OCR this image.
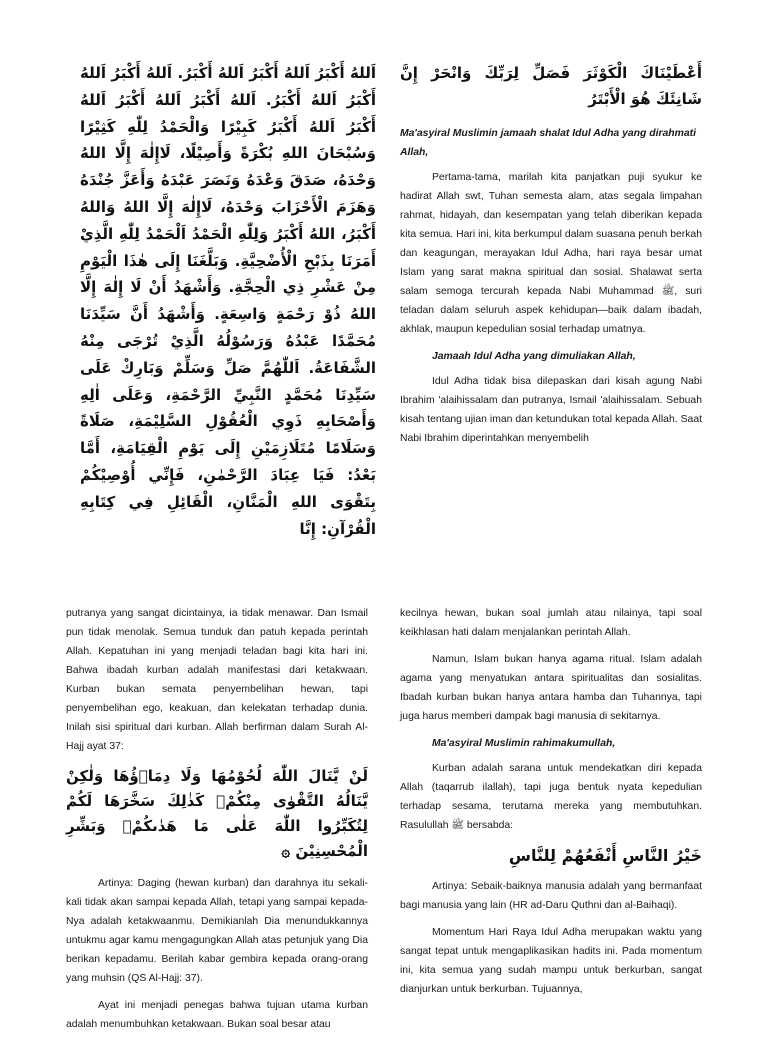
اَللهُ أَكْبَرُ اَللهُ أَكْبَرُ اَللهُ أَكْبَرُ. اَللهُ أَكْبَرُ اَللهُ أَكْبَرُ اَللهُ أَكْبَرُ. اَللهُ أَكْبَرُ اَللهُ أَكْبَرُ اَللهُ أَكْبَرُ اَللهُ أَكْبَرُ كَبِيْرًا وَالْحَمْدُ لِلّٰهِ كَثِيْرًا وَسُبْحَانَ اللهِ بُكْرَةً وَأَصِيْلًا، لَاإِلٰهَ إِلَّا اللهُ وَحْدَهُ، صَدَقَ وَعْدَهُ وَنَصَرَ عَبْدَهُ وَأَعَزَّ جُنْدَهُ وَهَزَمَ الْأَحْزَابَ وَحْدَهُ، لَاإِلٰهَ إِلَّا اللهُ وَاللهُ أَكْبَرُ، اللهُ أَكْبَرُ وَلِلّٰهِ الْحَمْدُ اَلْحَمْدُ لِلّٰهِ الَّذِيْ أَمَرَنَا بِذَبْحِ الْأُضْحِيَّةِ. وَبَلَّغَنَا إِلَى هٰذَا الْيَوْمِ مِنْ عَشْرِ ذِي الْحِجَّةِ. وَأَشْهَدُ أَنْ لَا إِلٰهَ إِلَّا اللهُ ذُوْ رَحْمَةٍ وَاسِعَةٍ. وَأَشْهَدُ أَنَّ سَيِّدَنَا مُحَمَّدًا عَبْدُهُ وَرَسُوْلُهُ الَّذِيْ تُرْجَى مِنْهُ الشَّفَاعَةُ. اَللّٰهُمَّ صَلِّ وَسَلِّمْ وَبَارِكْ عَلَى سَيِّدِنَا مُحَمَّدٍ النَّبِيِّ الرَّحْمَةِ، وَعَلَى اٰلِهِ وَأَصْحَابِهِ ذَوِي الْعُقُوْلِ السَّلِيْمَةِ، صَلَاةً وَسَلَامًا مُتَلَازِمَيْنِ إِلَى يَوْمِ الْقِيَامَةِ، أَمَّا بَعْدُ: فَيَا عِبَادَ الرَّحْمٰنِ، فَإِنِّي أُوْصِيْكُمْ بِتَقْوَى اللهِ الْمَنَّانِ، الْقَائِلِ فِي كِتَابِهِ الْقُرْآنِ: إِنَّا
أَعْطَيْنَاكَ الْكَوْثَرَ فَصَلِّ لِرَبِّكَ وَانْحَرْ إِنَّ شَانِئَكَ هُوَ الْأَبْتَرُ

Ma'asyiral Muslimin jamaah shalat Idul Adha yang dirahmati Allah,

Pertama-tama, marilah kita panjatkan puji syukur ke hadirat Allah swt, Tuhan semesta alam, atas segala limpahan rahmat, hidayah, dan kesempatan yang telah diberikan kepada kita semua. Hari ini, kita berkumpul dalam suasana penuh berkah dan keagungan, merayakan Idul Adha, hari raya besar umat Islam yang sarat makna spiritual dan sosial. Shalawat serta salam semoga tercurah kepada Nabi Muhammad ﷺ, suri teladan dalam seluruh aspek kehidupan—baik dalam ibadah, akhlak, maupun kepedulian sosial terhadap umatnya.

Jamaah Idul Adha yang dimuliakan Allah,

Idul Adha tidak bisa dilepaskan dari kisah agung Nabi Ibrahim 'alaihissalam dan putranya, Ismail 'alaihissalam. Sebuah kisah tentang ujian iman dan ketundukan total kepada Allah. Saat Nabi Ibrahim diperintahkan menyembelih

putranya yang sangat dicintainya, ia tidak menawar. Dan Ismail pun tidak menolak. Semua tunduk dan patuh kepada perintah Allah. Kepatuhan ini yang menjadi teladan bagi kita hari ini. Bahwa ibadah kurban adalah manifestasi dari ketakwaan. Kurban bukan semata penyembelihan hewan, tapi penyembelihan ego, keakuan, dan kelekatan terhadap dunia. Inilah sisi spiritual dari kurban. Allah berfirman dalam Surah Al-Hajj ayat 37:

لَنْ يَّنَالَ اللّٰهَ لُحُوْمُهَا وَلَا دِمَاۤؤُهَا وَلٰكِنْ يَّنَالُهُ التَّقْوٰى مِنْكُمْۗ كَذٰلِكَ سَخَّرَهَا لَكُمْ لِتُكَبِّرُوا اللّٰهَ عَلٰى مَا هَدٰىكُمْۗ وَبَشِّرِ الْمُحْسِنِيْنَ ۞

Artinya: Daging (hewan kurban) dan darahnya itu sekali-kali tidak akan sampai kepada Allah, tetapi yang sampai kepada-Nya adalah ketakwaanmu. Demikianlah Dia menundukkannya untukmu agar kamu mengagungkan Allah atas petunjuk yang Dia berikan kepadamu. Berilah kabar gembira kepada orang-orang yang muhsin (QS Al-Hajj: 37).

Ayat ini menjadi penegas bahwa tujuan utama kurban adalah menumbuhkan ketakwaan. Bukan soal besar atau

kecilnya hewan, bukan soal jumlah atau nilainya, tapi soal keikhlasan hati dalam menjalankan perintah Allah.

Namun, Islam bukan hanya agama ritual. Islam adalah agama yang menyatukan antara spiritualitas dan sosialitas. Ibadah kurban bukan hanya antara hamba dan Tuhannya, tapi juga harus memberi dampak bagi manusia di sekitarnya.

Ma'asyiral Muslimin rahimakumullah,

Kurban adalah sarana untuk mendekatkan diri kepada Allah (taqarrub ilallah), tapi juga bentuk nyata kepedulian terhadap sesama, terutama mereka yang membutuhkan. Rasulullah ﷺ bersabda:

خَيْرُ النَّاسِ أَنْفَعُهُمْ لِلنَّاسِ

Artinya: Sebaik-baiknya manusia adalah yang bermanfaat bagi manusia yang lain (HR ad-Daru Quthni dan al-Baihaqi).

Momentum Hari Raya Idul Adha merupakan waktu yang sangat tepat untuk mengaplikasikan hadits ini. Pada momentum ini, kita semua yang sudah mampu untuk berkurban, sangat dianjurkan untuk berkurban. Tujuannya,
